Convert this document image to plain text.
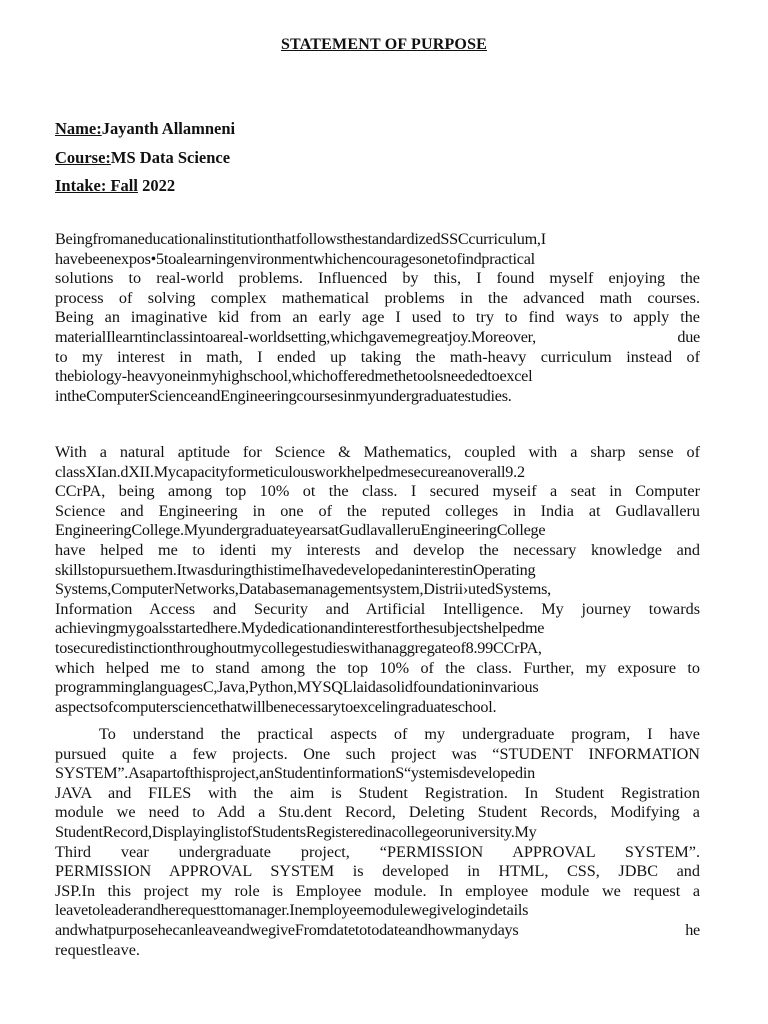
STATEMENT OF PURPOSE
Name:Jayanth Allamneni
Course:MS Data Science
Intake: Fall 2022
BeingfromaneducationalinstitutionthatfollowsthestandardizedSSCcurriculum,I
havebeenexpos•5toalearningenvironmentwhichencouragesonetofindpractical
solutions to real-world problems. Influenced by this, I found myself enjoying the
process of solving complex mathematical problems in the advanced math courses.
Being an imaginative kid from an early age I used to try to find ways to apply the
materialIlearntinclassintoareal-worldsetting,whichgavemegreatjoy.Moreover, due
to my interest in math, I ended up taking the math-heavy curriculum instead of
thebiology-heavyoneinmyhighschool,whichofferedmethetoolsneededtoexcel
intheComputerScienceandEngineeringcoursesinmyundergraduatestudies.
With a natural aptitude for Science & Mathematics, coupled with a sharp sense of
classXIan.dXII.Mycapacityformeticulousworkhelpedmesecureanoverall9.2
CCrPA, being among top 10% ot the class. I secured myseif a seat in Computer
Science and Engineering in one of the reputed colleges in India at Gudlavalleru
EngineeringCollege.MyundergraduateyearsatGudlavalleruEngineeringCollege
have helped me to identi my interests and develop the necessary knowledge and
skillstopursuethem.ItwasduringthistimeIhavedevelopedaninterestinOperating
Systems,ComputerNetworks,Databasemanagementsystem,Distrii›utedSystems,
Information Access and Security and Artificial Intelligence. My journey towards
achievingmygoalsstartedhere.Mydedicationandinterestforthesubjectshelpedme
tosecuredistinctionthroughoutmycollegestudieswithanaggregateof8.99CCrPA,
which helped me to stand among the top 10% of the class. Further, my exposure to
programminglanguagesC,Java,Python,MYSQLlaidasolidfoundationinvarious
aspectsofcomputersciencethatwillbenecessarytoexcelingraduateschool.
To understand the practical aspects of my undergraduate program, I have
pursued quite a few projects. One such project was “STUDENT INFORMATION
SYSTEM”.Asapartofthisproject,anStudentinformationS“ystemisdevelopedin
JAVA and FILES with the aim is Student Registration. In Student Registration
module we need to Add a Stu.dent Record, Deleting Student Records, Modifying a
StudentRecord,DisplayinglistofStudentsRegisteredinacollegeoruniversity.My
Third vear undergraduate project, “PERMISSION APPROVAL SYSTEM”.
PERMISSION APPROVAL SYSTEM is developed in HTML, CSS, JDBC and
JSP.In this project my role is Employee module. In employee module we request a
leavetoleaderandherequesttomanager.Inemployeemodulewegivelogindetails
andwhatpurposehecanleaveandwegiveFromdatetotodateandhowmanydays he
requestleave.
